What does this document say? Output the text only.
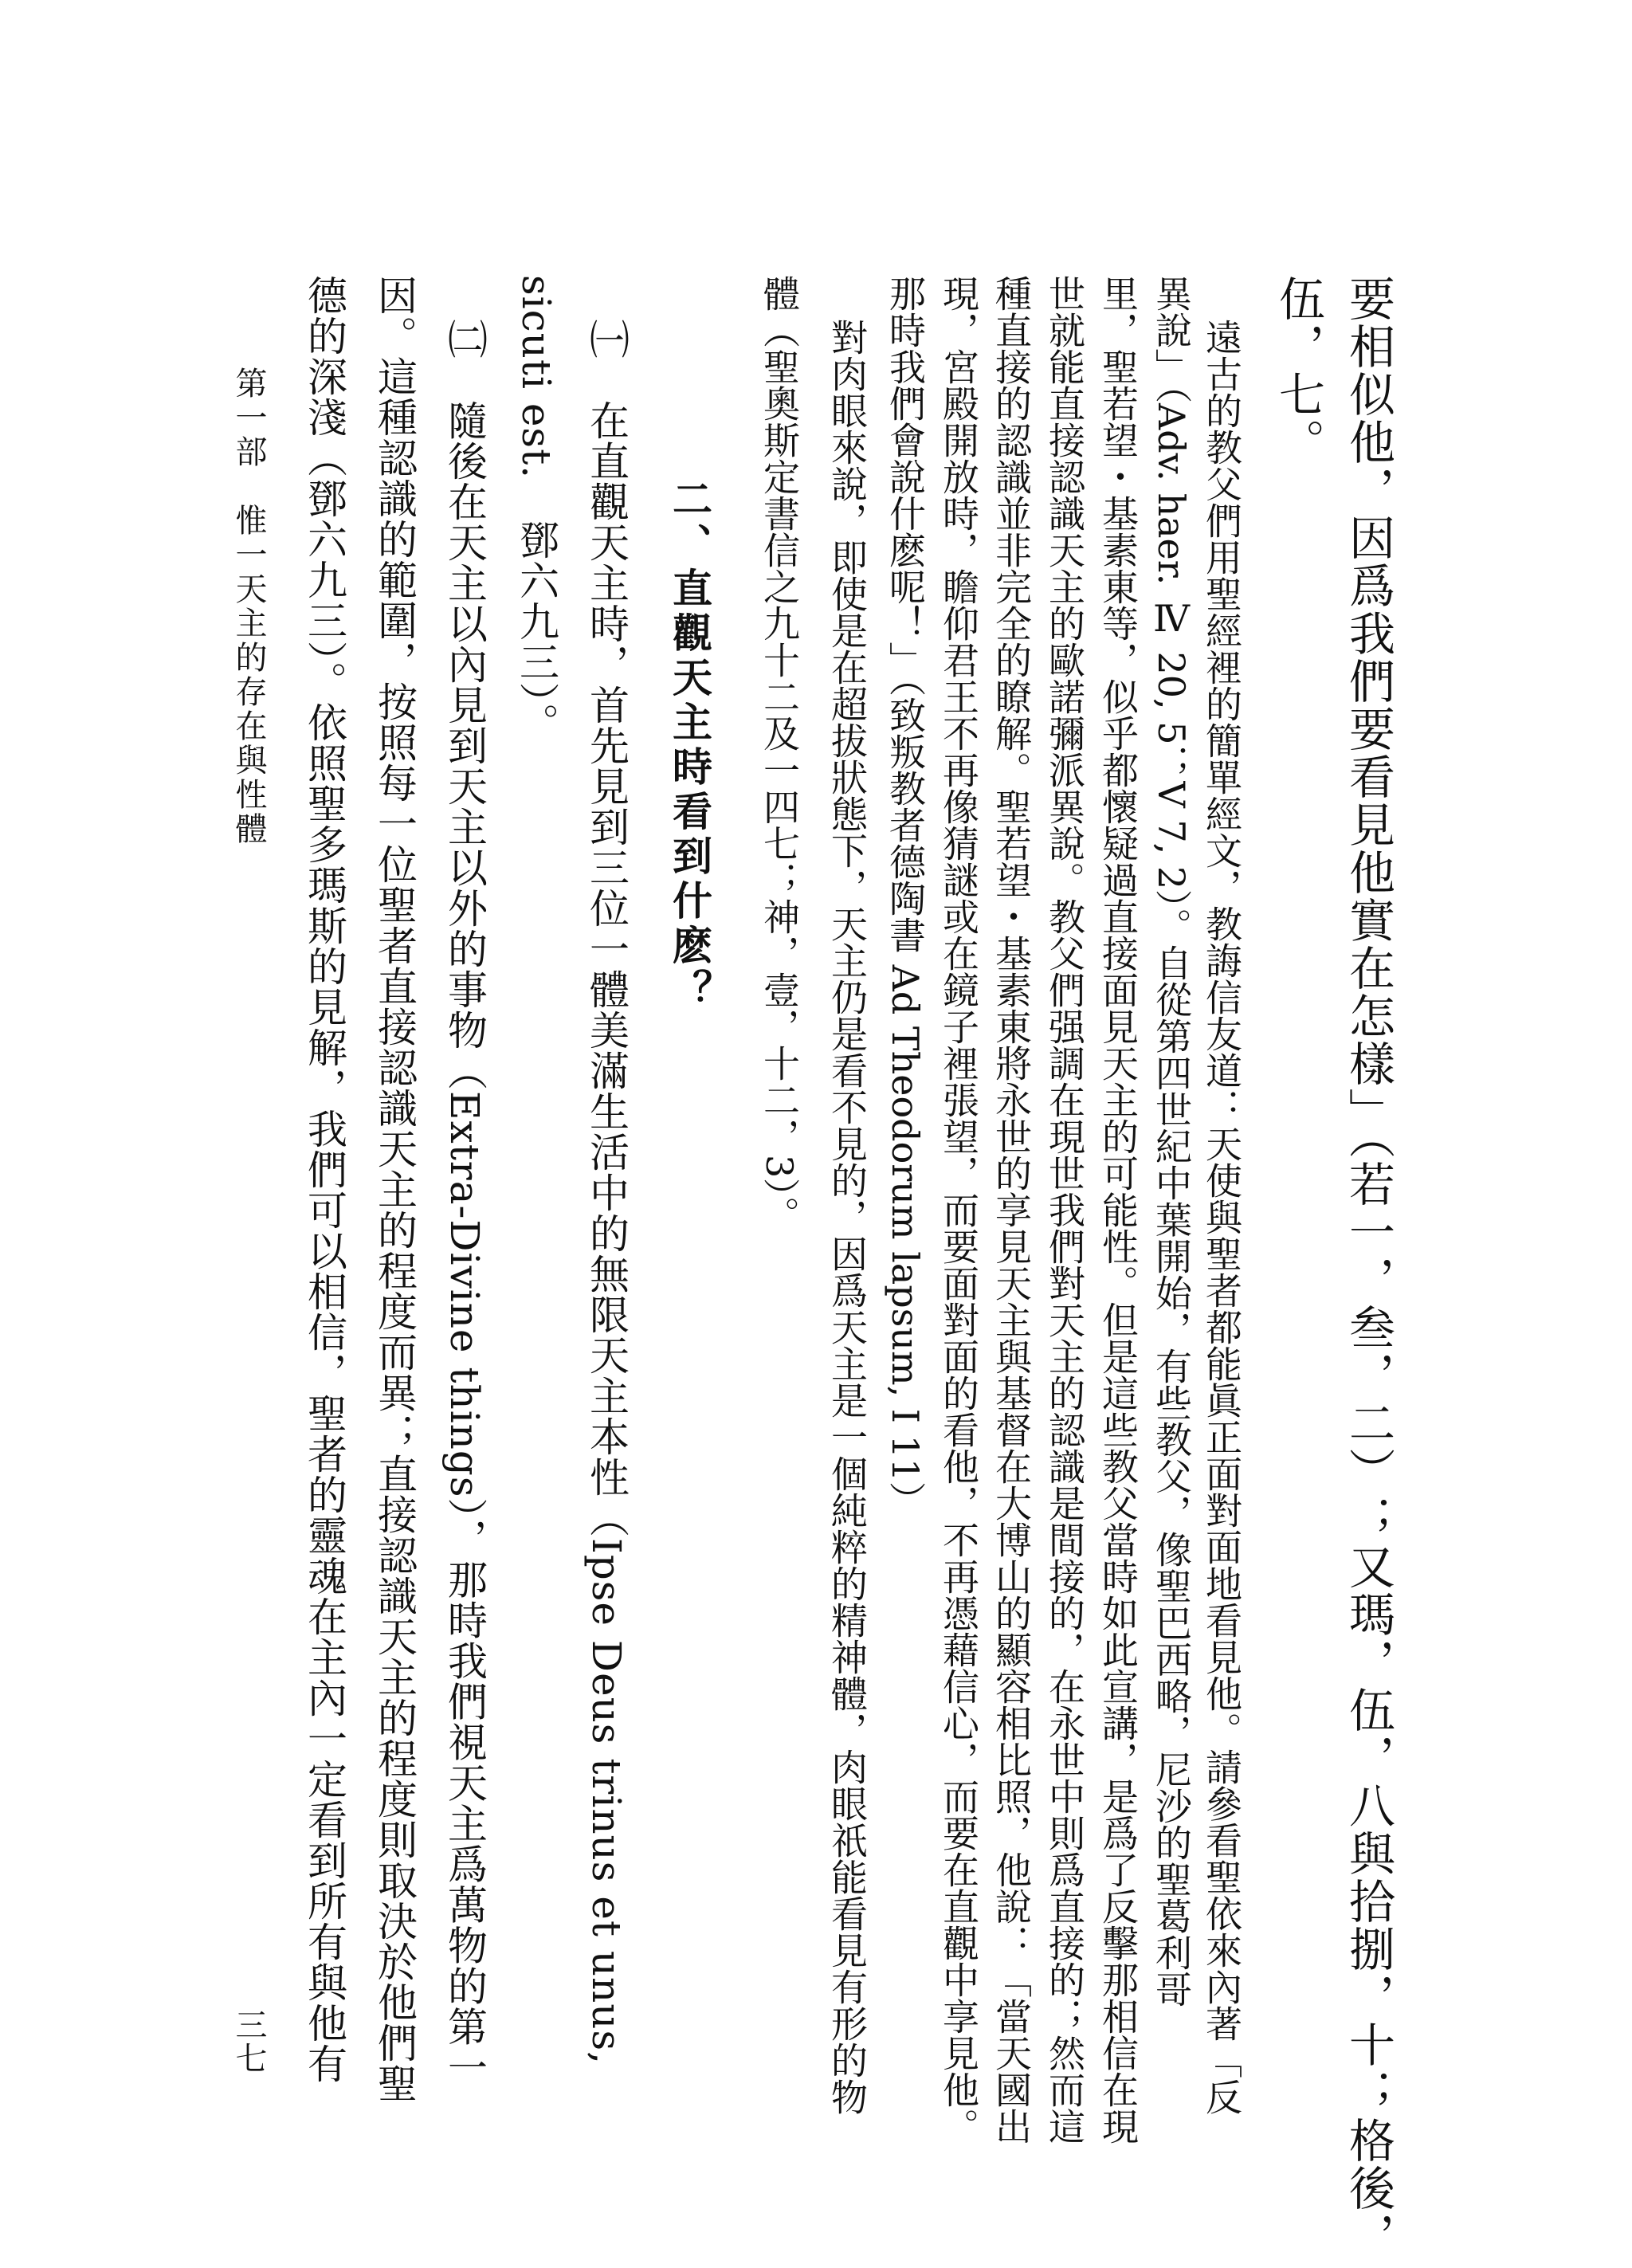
要相似他，因爲我們要看見他實在怎樣」（若一，叁，二）；又瑪，伍，八與拾捌，十；格後，
伍，七。
遠古的教父們用聖經裡的簡單經文，教誨信友道：天使與聖者都能眞正面對面地看見他。請參看聖依來內著「反
異說」（Adv. haer. Ⅳ 20, 5；V 7, 2）。自從第四世紀中葉開始，有些教父，像聖巴西略，尼沙的聖葛利哥
里，聖若望・基素東等，似乎都懷疑過直接面見天主的可能性。但是這些教父當時如此宣講，是爲了反擊那相信在現
世就能直接認識天主的歐諾彌派異說。教父們强調在現世我們對天主的認識是間接的，在永世中則爲直接的；然而這
種直接的認識並非完全的瞭解。聖若望・基素東將永世的享見天主與基督在大博山的顯容相比照，他說：「當天國出
現，宮殿開放時，瞻仰君王不再像猜謎或在鏡子裡張望，而要面對面的看他，不再憑藉信心，而要在直觀中享見他。
那時我們會說什麽呢！」（致叛教者德陶書 Ad Theodorum lapsum, I 11）
對肉眼來說，即使是在超拔狀態下，天主仍是看不見的，因爲天主是一個純粹的精神體，肉眼祇能看見有形的物
體（聖奧斯定書信之九十二及一四七；神，壹，十二，3）。
二、直觀天主時看到什麽？
㈠　在直觀天主時，首先見到三位一體美滿生活中的無限天主本性（Ipse Deus trinus et unus,
sicuti est.　鄧六九三）。
㈡　隨後在天主以內見到天主以外的事物（Extra-Divine things），那時我們視天主爲萬物的第一
因。這種認識的範圍，按照每一位聖者直接認識天主的程度而異；直接認識天主的程度則取決於他們聖
德的深淺（鄧六九三）。依照聖多瑪斯的見解，我們可以相信，聖者的靈魂在主內一定看到所有與他有
第一部　惟一天主的存在與性體
三七
